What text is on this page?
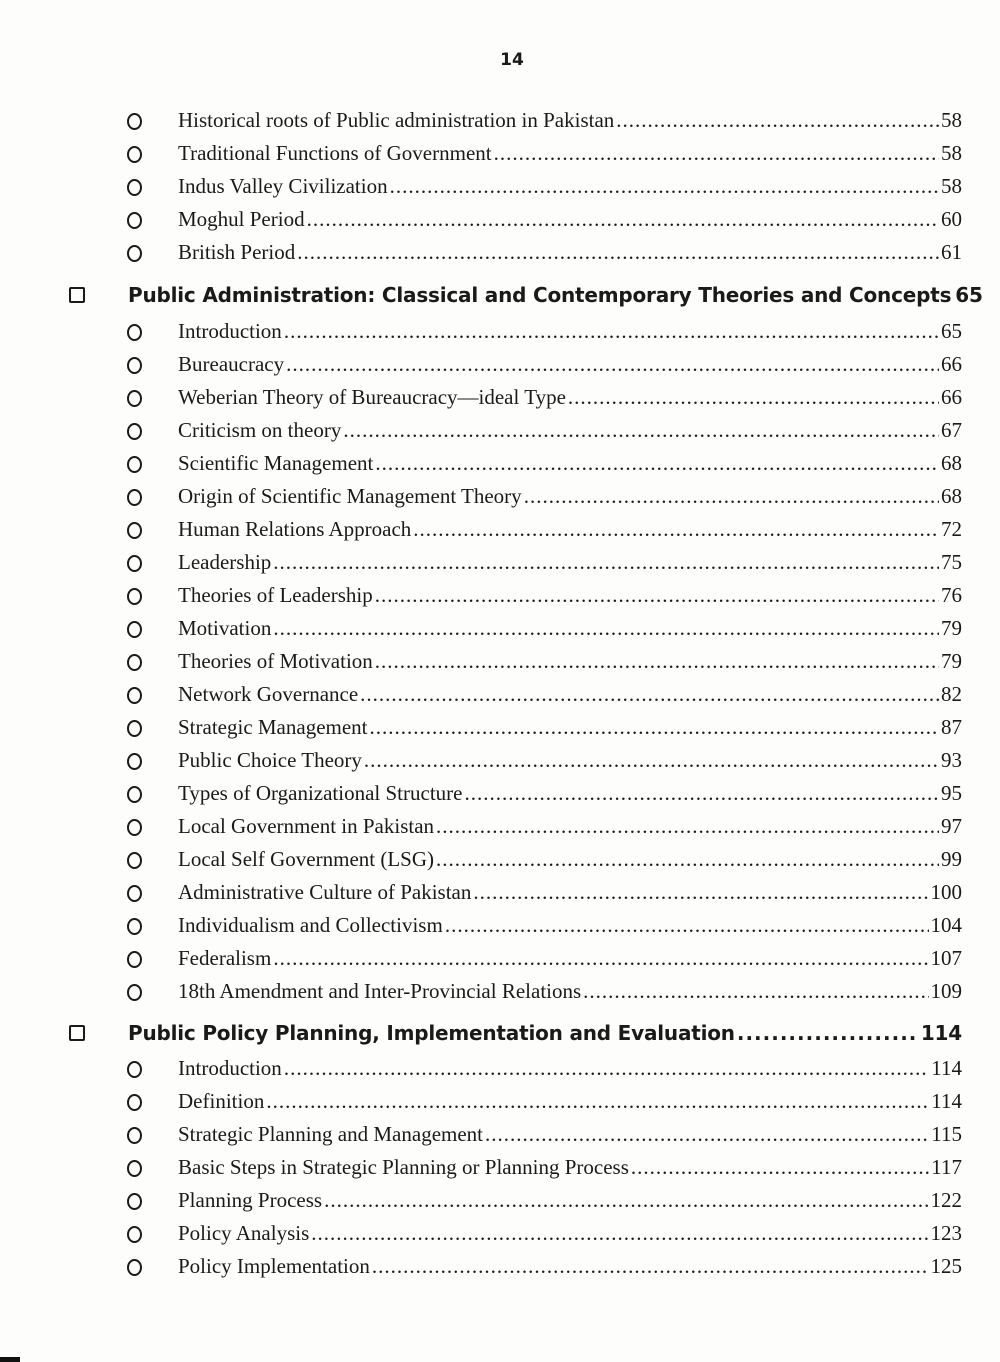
14
Historical roots of Public administration in Pakistan .....	58
Traditional Functions of Government .....	58
Indus Valley Civilization .....	58
Moghul Period .....	60
British Period .....	61
Public Administration: Classical and Contemporary Theories and Concepts 65
Introduction .....	65
Bureaucracy .....	66
Weberian Theory of Bureaucracy—ideal Type .....	66
Criticism on theory .....	67
Scientific Management .....	68
Origin of Scientific Management Theory .....	68
Human Relations Approach .....	72
Leadership .....	75
Theories of Leadership .....	76
Motivation .....	79
Theories of Motivation .....	79
Network Governance .....	82
Strategic Management .....	87
Public Choice Theory .....	93
Types of Organizational Structure .....	95
Local Government in Pakistan .....	97
Local Self Government (LSG) .....	99
Administrative Culture of Pakistan .....	100
Individualism and Collectivism .....	104
Federalism .....	107
18th Amendment and Inter-Provincial Relations .....	109
Public Policy Planning, Implementation and Evaluation .....	114
Introduction .....	114
Definition .....	114
Strategic Planning and Management .....	115
Basic Steps in Strategic Planning or Planning Process .....	117
Planning Process .....	122
Policy Analysis .....	123
Policy Implementation .....	125
